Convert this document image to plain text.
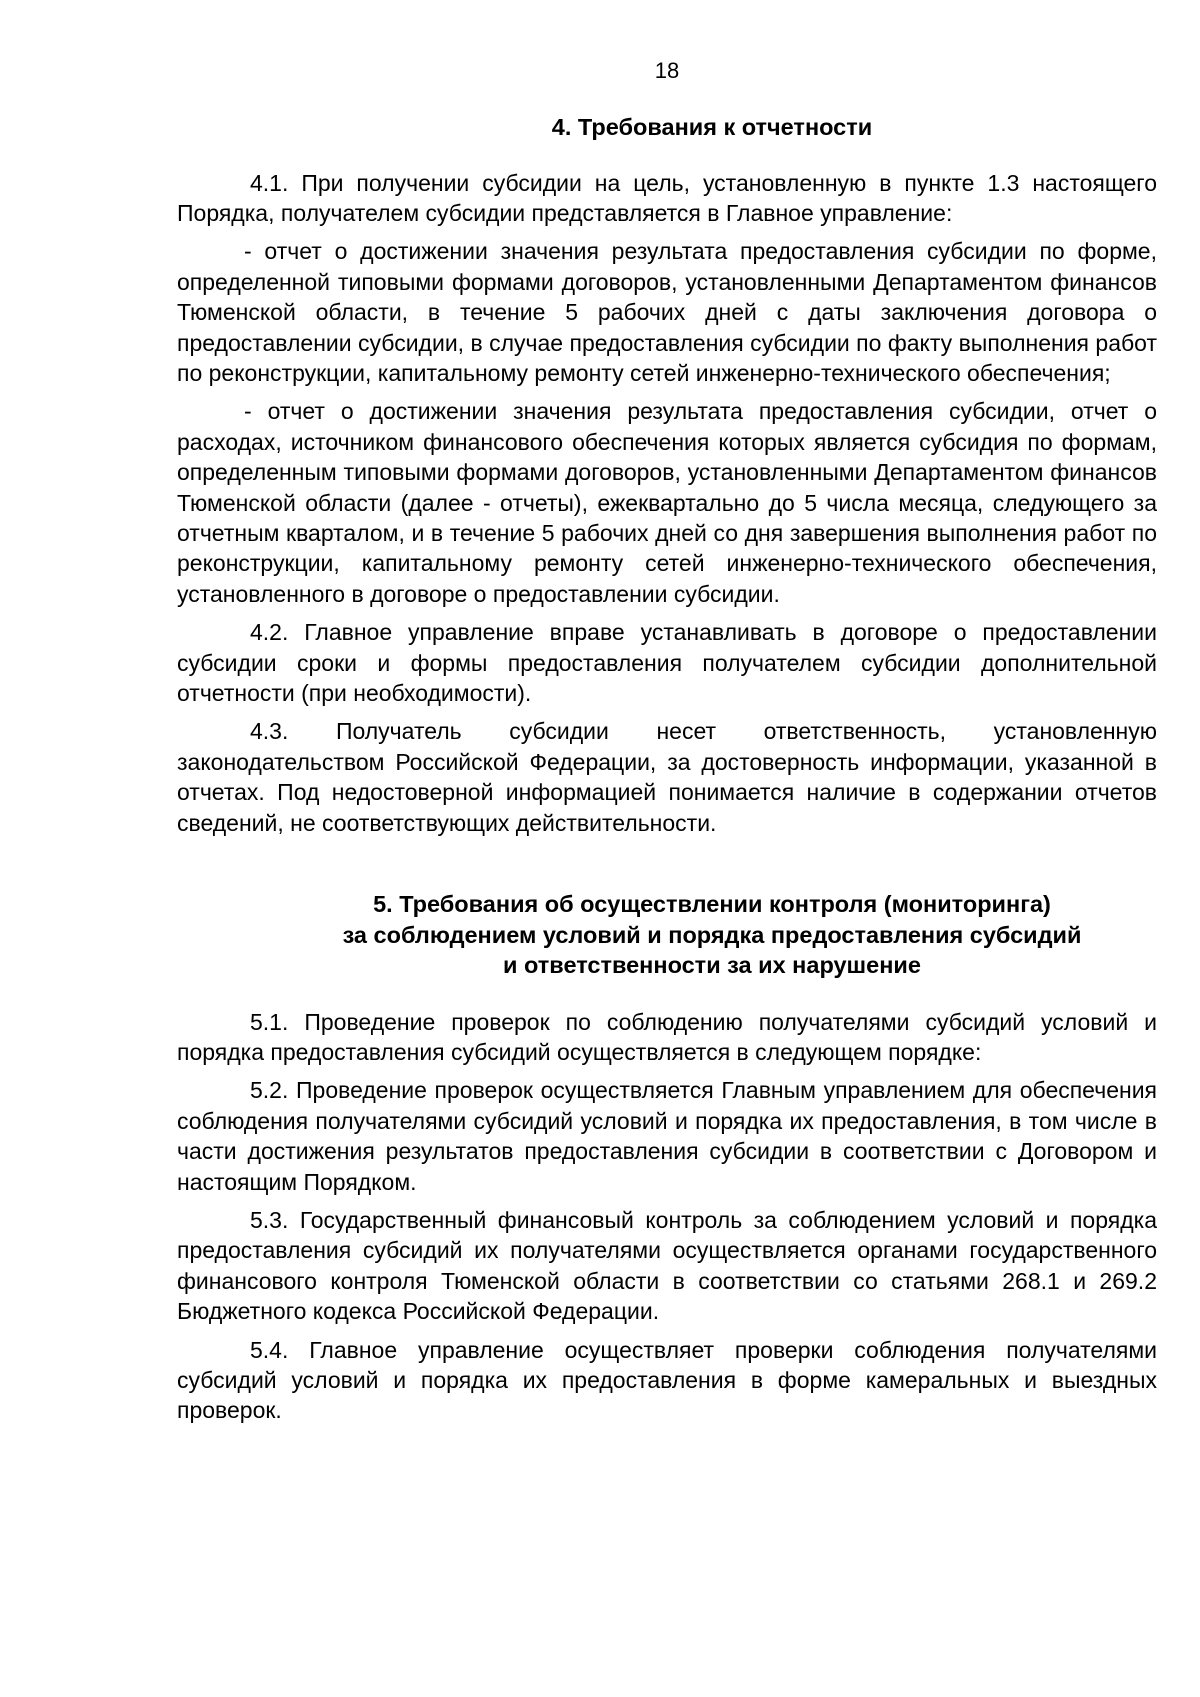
18
4. Требования к отчетности

4.1. При получении субсидии на цель, установленную в пункте 1.3 настоящего Порядка, получателем субсидии представляется в Главное управление:

- отчет о достижении значения результата предоставления субсидии по форме, определенной типовыми формами договоров, установленными Департаментом финансов Тюменской области, в течение 5 рабочих дней с даты заключения договора о предоставлении субсидии, в случае предоставления субсидии по факту выполнения работ по реконструкции, капитальному ремонту сетей инженерно-технического обеспечения;

- отчет о достижении значения результата предоставления субсидии, отчет о расходах, источником финансового обеспечения которых является субсидия по формам, определенным типовыми формами договоров, установленными Департаментом финансов Тюменской области (далее - отчеты), ежеквартально до 5 числа месяца, следующего за отчетным кварталом, и в течение 5 рабочих дней со дня завершения выполнения работ по реконструкции, капитальному ремонту сетей инженерно-технического обеспечения, установленного в договоре о предоставлении субсидии.

4.2. Главное управление вправе устанавливать в договоре о предоставлении субсидии сроки и формы предоставления получателем субсидии дополнительной отчетности (при необходимости).

4.3. Получатель субсидии несет ответственность, установленную законодательством Российской Федерации, за достоверность информации, указанной в отчетах. Под недостоверной информацией понимается наличие в содержании отчетов сведений, не соответствующих действительности.

5. Требования об осуществлении контроля (мониторинга)
за соблюдением условий и порядка предоставления субсидий
и ответственности за их нарушение

5.1. Проведение проверок по соблюдению получателями субсидий условий и порядка предоставления субсидий осуществляется в следующем порядке:

5.2. Проведение проверок осуществляется Главным управлением для обеспечения соблюдения получателями субсидий условий и порядка их предоставления, в том числе в части достижения результатов предоставления субсидии в соответствии с Договором и настоящим Порядком.

5.3. Государственный финансовый контроль за соблюдением условий и порядка предоставления субсидий их получателями осуществляется органами государственного финансового контроля Тюменской области в соответствии со статьями 268.1 и 269.2 Бюджетного кодекса Российской Федерации.

5.4. Главное управление осуществляет проверки соблюдения получателями субсидий условий и порядка их предоставления в форме камеральных и выездных проверок.
